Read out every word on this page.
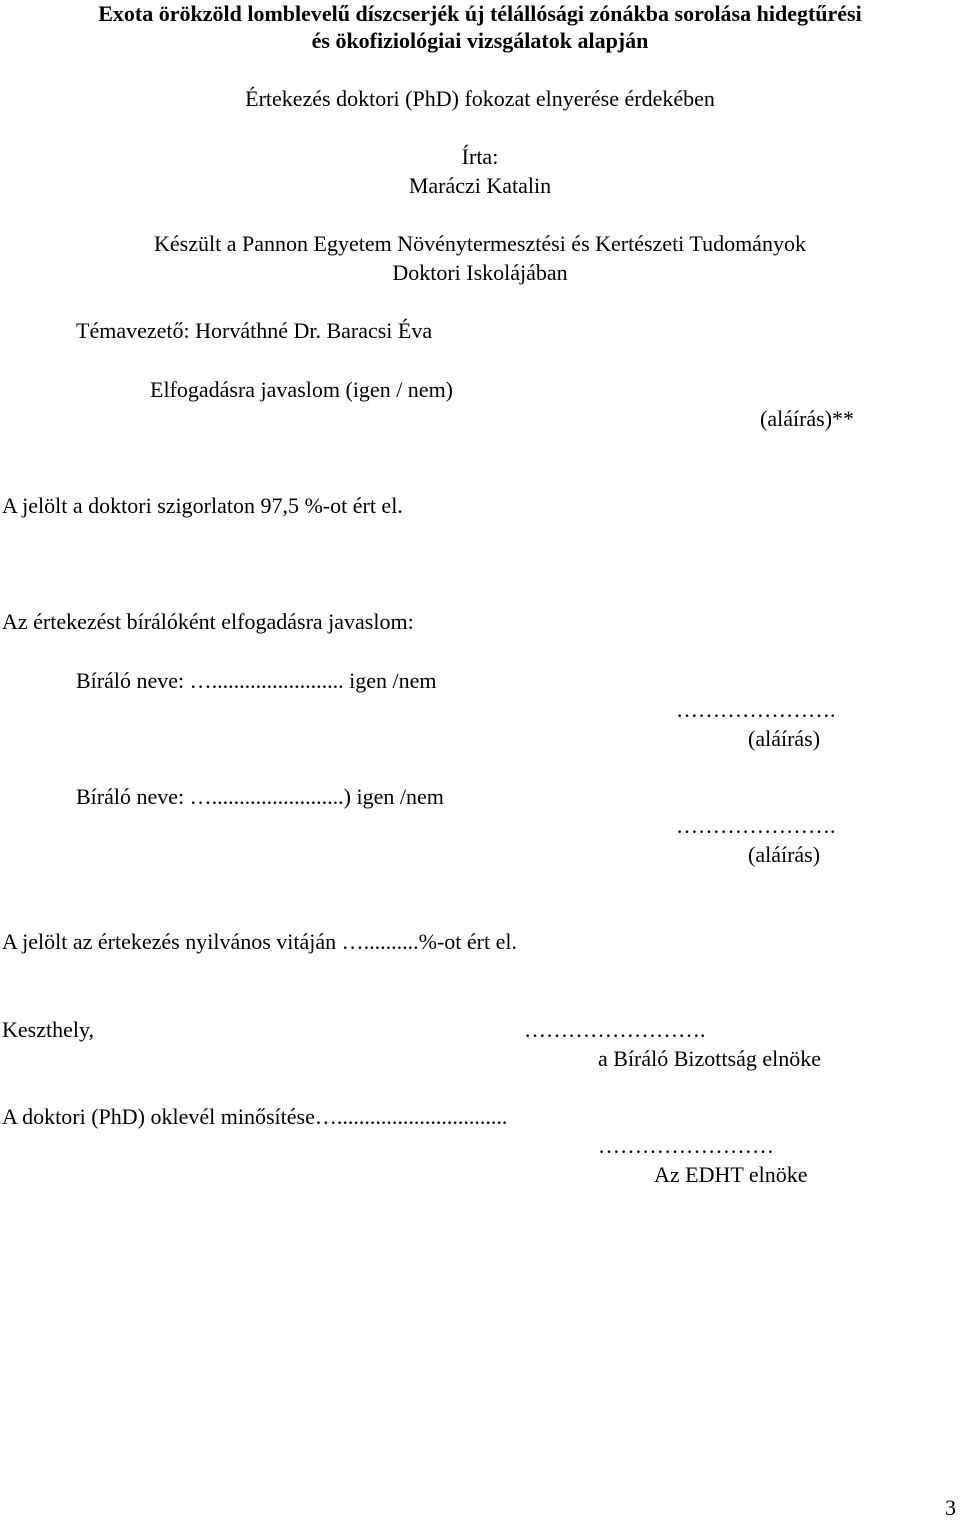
Exota örökzöld lomblevelű díszcserjék új télállósági zónákba sorolása hidegtűrési
és ökofiziológiai vizsgálatok alapján
Értekezés doktori (PhD) fokozat elnyerése érdekében
Írta:
Maráczi Katalin
Készült a Pannon Egyetem Növénytermesztési és Kertészeti Tudományok
Doktori Iskolájában
Témavezető: Horváthné Dr. Baracsi Éva
Elfogadásra javaslom (igen / nem)
(aláírás)**
A jelölt a doktori szigorlaton 97,5 %-ot ért el.
Az értekezést bírálóként elfogadásra javaslom:
Bíráló neve: …........................ igen /nem
………………….
(aláírás)
Bíráló neve: …........................) igen /nem
………………….
(aláírás)
A jelölt az értekezés nyilvános vitáján …..........%-ot ért el.
Keszthely,	…………………….
a Bíráló Bizottság elnöke
A doktori (PhD) oklevél minősítése…...............................
……………………
Az EDHT elnöke
3
